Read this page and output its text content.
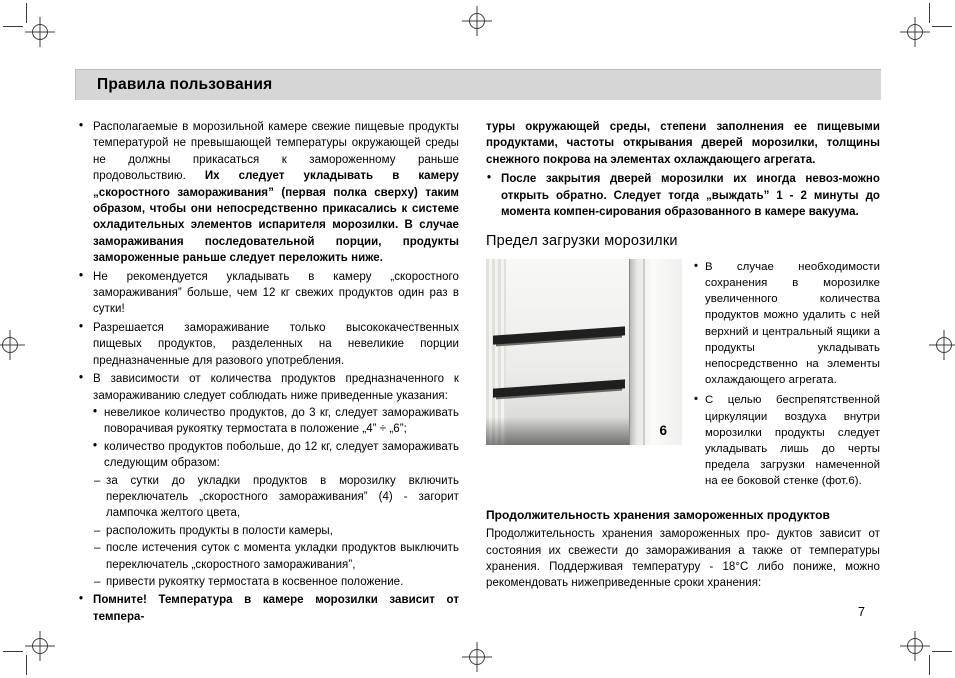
Правила пользования
• Располагаемые в морозильной камере свежие пищевые продукты температурой не превышающей температуры окружающей среды не должны прикасаться к замороженному раньше продовольствию. Их следует укладывать в камеру „скоростного замораживания” (первая полка сверху) таким образом, чтобы они непосредственно прикасались к системе охладительных элементов испарителя морозилки. В случае замораживания последовательной порции, продукты замороженные раньше следует переложить ниже.
• Не рекомендуется укладывать в камеру „скоростного замораживания” больше, чем 12 кг свежих продуктов один раз в сутки!
• Разрешается замораживание только высококачественных пищевых продуктов, разделенных на невеликие порции предназначенные для разового употребления.
• В зависимости от количества продуктов предназначенного к замораживанию следует соблюдать ниже приведенные указания:
• невеликое количество продуктов, до 3 кг, следует замораживать поворачивая рукоятку термостата в положение „4” ÷ „6”;
• количество продуктов побольше, до 12 кг, следует замораживать следующим образом:
– за сутки до укладки продуктов в морозилку включить переключатель „скоростного замораживания” (4) - загорит лампочка желтого цвета,
– расположить продукты в полости камеры,
– после истечения суток с момента укладки продуктов выключить переключатель „скоростного замораживания”,
– привести рукоятку термостата в косвенное положение.
• Помните! Температура в камере морозилки зависит от темпера-

туры окружающей среды, степени заполнения ее пищевыми продуктами, частоты открывания дверей морозилки, толщины снежного покрова на элементах охлаждающего агрегата.

• После закрытия дверей морозилки их иногда невоз-можно открыть обратно. Следует тогда „выждать” 1 - 2 минуты до момента компен-сирования образованного в камере вакуума.
Предел загрузки морозилки
6
• В случае необходимости сохранения в морозилке увеличенного количества продуктов можно удалить с ней верхний и центральный ящики а продукты укладывать непосредственно на элементы охлаждающего агрегата.
• С целью беспрепятственной циркуляции воздуха внутри морозилки продукты следует укладывать лишь до черты предела загрузки намеченной на ее боковой стенке (фот.6).
Продолжительность хранения замороженных продуктов

Продолжительность хранения замороженных про- дуктов зависит от состояния их свежести до замораживания а также от температуры хранения. Поддерживая температуру - 18°С либо пониже, можно рекомендовать нижеприведенные сроки хранения:

7
